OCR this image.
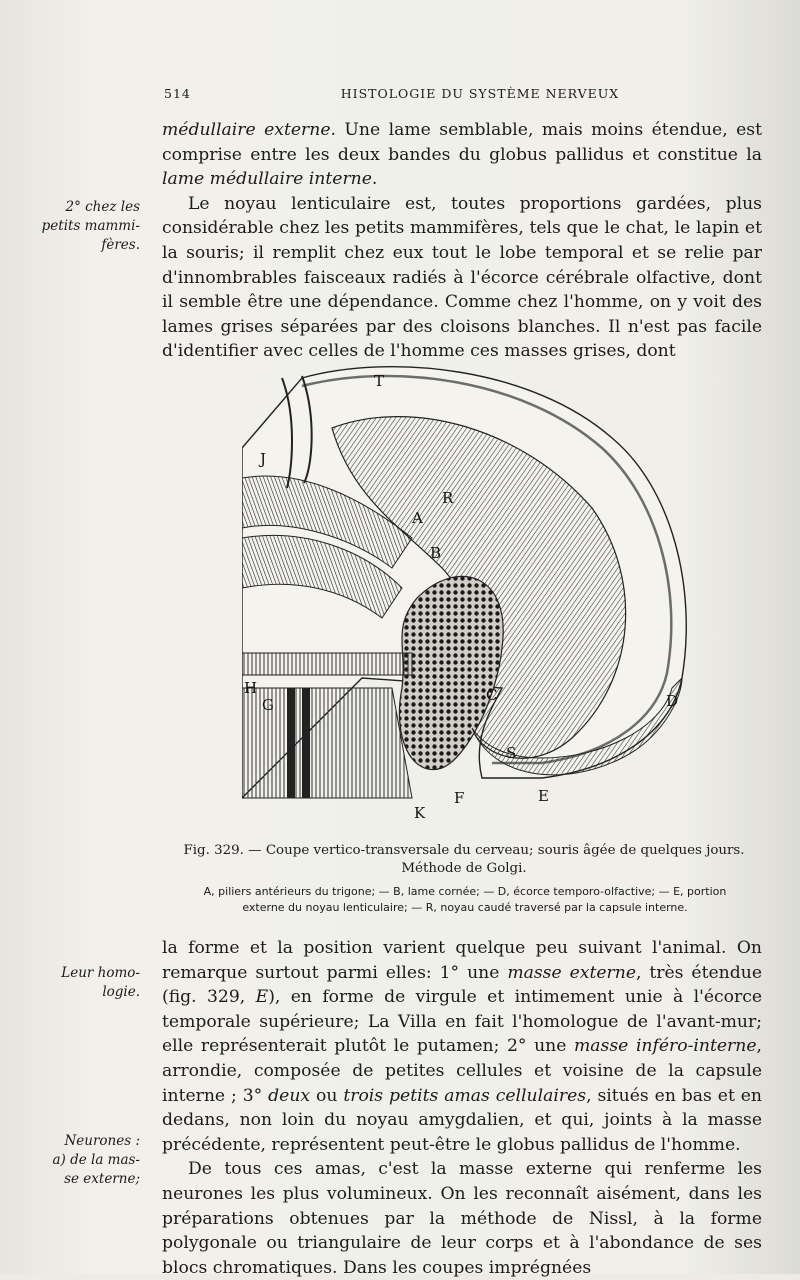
514	HISTOLOGIE DU SYSTÈME NERVEUX

médullaire externe. Une lame semblable, mais moins étendue, est comprise entre les deux bandes du globus pallidus et constitue la lame médullaire interne.

Le noyau lenticulaire est, toutes proportions gardées, plus considérable chez les petits mammifères, tels que le chat, le lapin et la souris; il remplit chez eux tout le lobe temporal et se relie par d'innombrables faisceaux radiés à l'écorce cérébrale olfactive, dont il semble être une dépendance. Comme chez l'homme, on y voit des lames grises séparées par des cloisons blanches. Il n'est pas facile d'identifier avec celles de l'homme ces masses grises, dont

2° chez les
petits mammi-
fères.
T
J
R
A
B
H
G
C	D
S
F	E
K
Fig. 329. — Coupe vertico-transversale du cerveau; souris âgée de quelques jours.
Méthode de Golgi.
A, piliers antérieurs du trigone; — B, lame cornée; — D, écorce temporo-olfactive; — E, portion
externe du noyau lenticulaire; — R, noyau caudé traversé par la capsule interne.

la forme et la position varient quelque peu suivant l'animal. On remarque surtout parmi elles: 1° une masse externe, très étendue (fig. 329, E), en forme de virgule et intimement unie à l'écorce temporale supérieure; La Villa en fait l'homologue de l'avant-mur; elle représenterait plutôt le putamen; 2° une masse inféro-interne, arrondie, composée de petites cellules et voisine de la capsule interne ; 3° deux ou trois petits amas cellulaires, situés en bas et en dedans, non loin du noyau amygdalien, et qui, joints à la masse précédente, représentent peut-être le globus pallidus de l'homme.

De tous ces amas, c'est la masse externe qui renferme les neurones les plus volumineux. On les reconnaît aisément, dans les préparations obtenues par la méthode de Nissl, à la forme polygonale ou triangulaire de leur corps et à l'abondance de ses blocs chromatiques. Dans les coupes imprégnées

Leur homo-
logie.
Neurones :
a) de la mas-
se externe;
